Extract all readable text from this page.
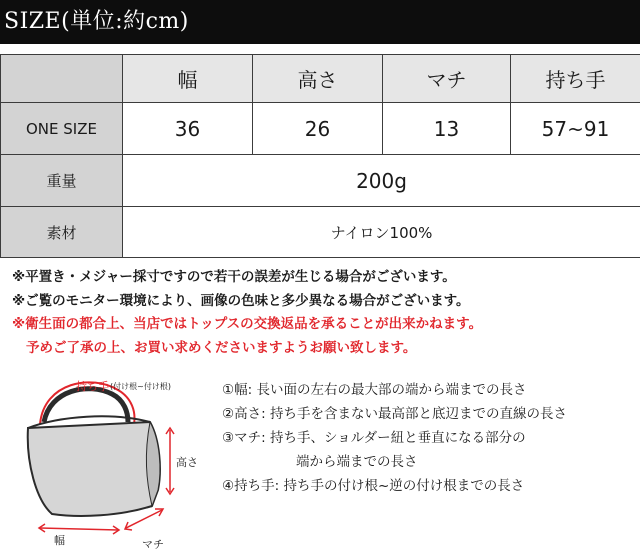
SIZE(単位:約cm)
	幅	高さ	マチ	持ち手
ONE SIZE	36	26	13	57~91
重量	200g			
素材	ナイロン100%			
※平置き・メジャー採寸ですので若干の誤差が生じる場合がございます。
※ご覧のモニター環境により、画像の色味と多少異なる場合がございます。
※衛生面の都合上、当店ではトップスの交換返品を承ることが出来かねます。
予めご了承の上、お買い求めくださいますようお願い致します。
持ち手 (付け根~付け根)
高さ
幅	マチ
①幅: 長い面の左右の最大部の端から端までの長さ
②高さ: 持ち手を含まない最高部と底辺までの直線の長さ
③マチ: 持ち手、ショルダー紐と垂直になる部分の
端から端までの長さ
④持ち手: 持ち手の付け根~逆の付け根までの長さ
